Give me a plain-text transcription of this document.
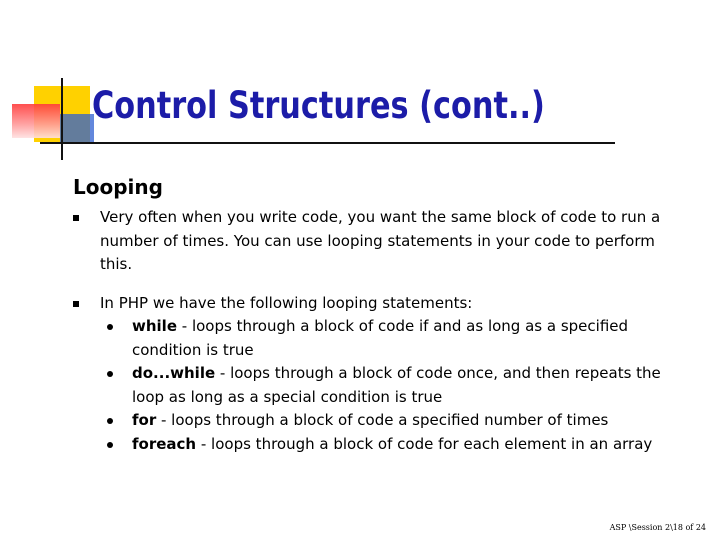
Control Structures (cont..)
Looping
Very often when you write code, you want the same block of code to run a number of times. You can use looping statements in your code to perform this.
In PHP we have the following looping statements:
while - loops through a block of code if and as long as a specified condition is true
do...while - loops through a block of code once, and then repeats the loop as long as a special condition is true
for - loops through a block of code a specified number of times
foreach - loops through a block of code for each element in an array
ASP \Session 2\18 of 24
